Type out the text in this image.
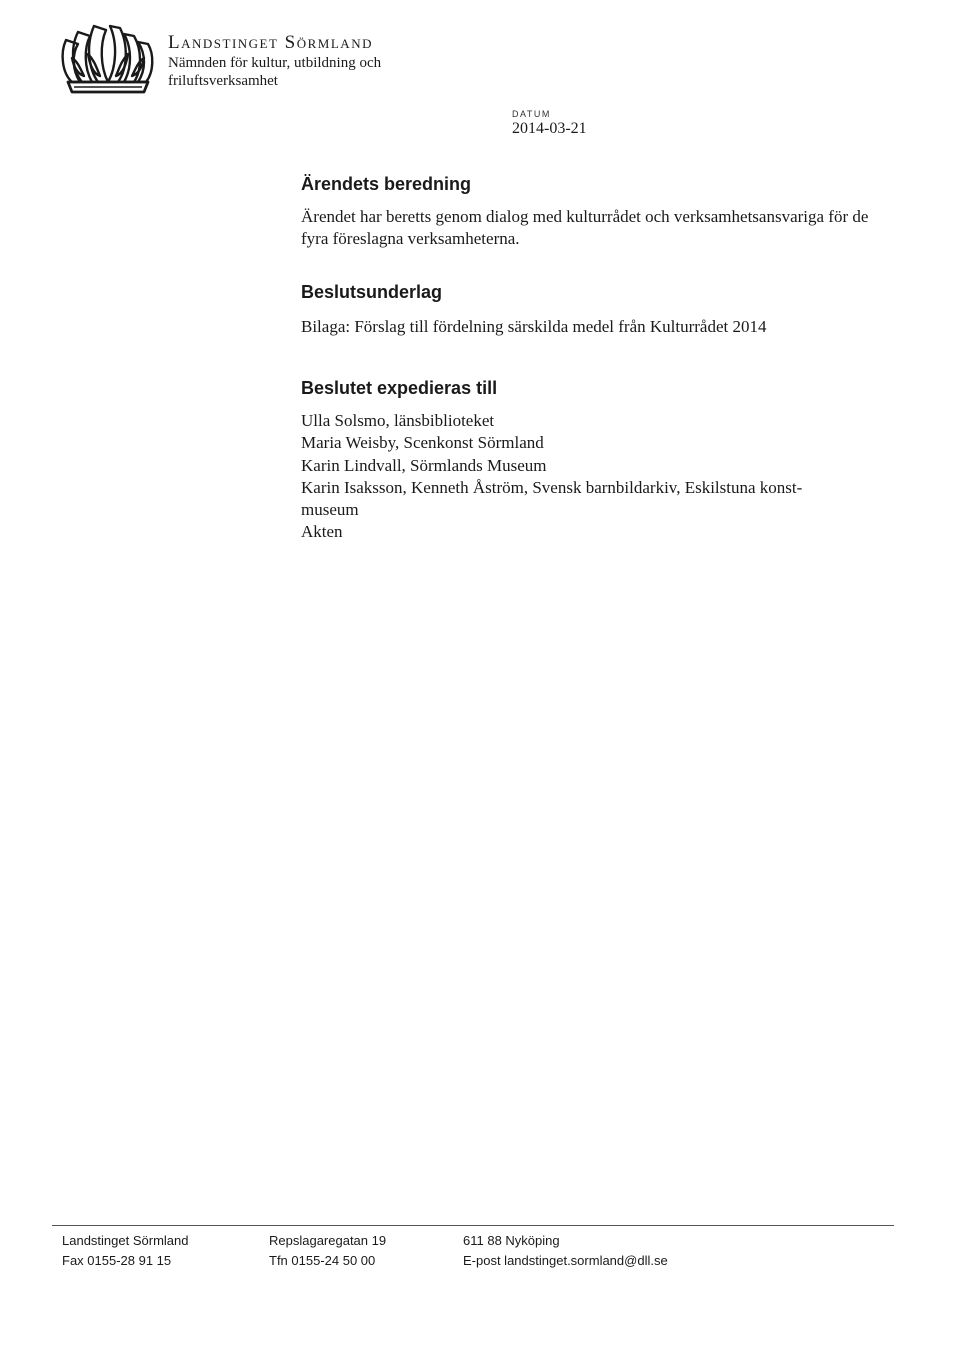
Landstinget Sörmland
Nämnden för kultur, utbildning och friluftsverksamhet
DATUM
2014-03-21
Ärendets beredning

Ärendet har beretts genom dialog med kulturrådet och verksamhetsansvariga för de fyra föreslagna verksamheterna.

Beslutsunderlag

Bilaga: Förslag till fördelning särskilda medel från Kulturrådet 2014

Beslutet expedieras till

Ulla Solsmo, länsbiblioteket

Maria Weisby, Scenkonst Sörmland

Karin Lindvall, Sörmlands Museum

Karin Isaksson, Kenneth Åström, Svensk barnbildarkiv, Eskilstuna konst-

museum

Akten

Landstinget Sörmland
Fax 0155-28 91 15
Repslagaregatan 19
Tfn 0155-24 50 00
611 88 Nyköping
E-post landstinget.sormland@dll.se
